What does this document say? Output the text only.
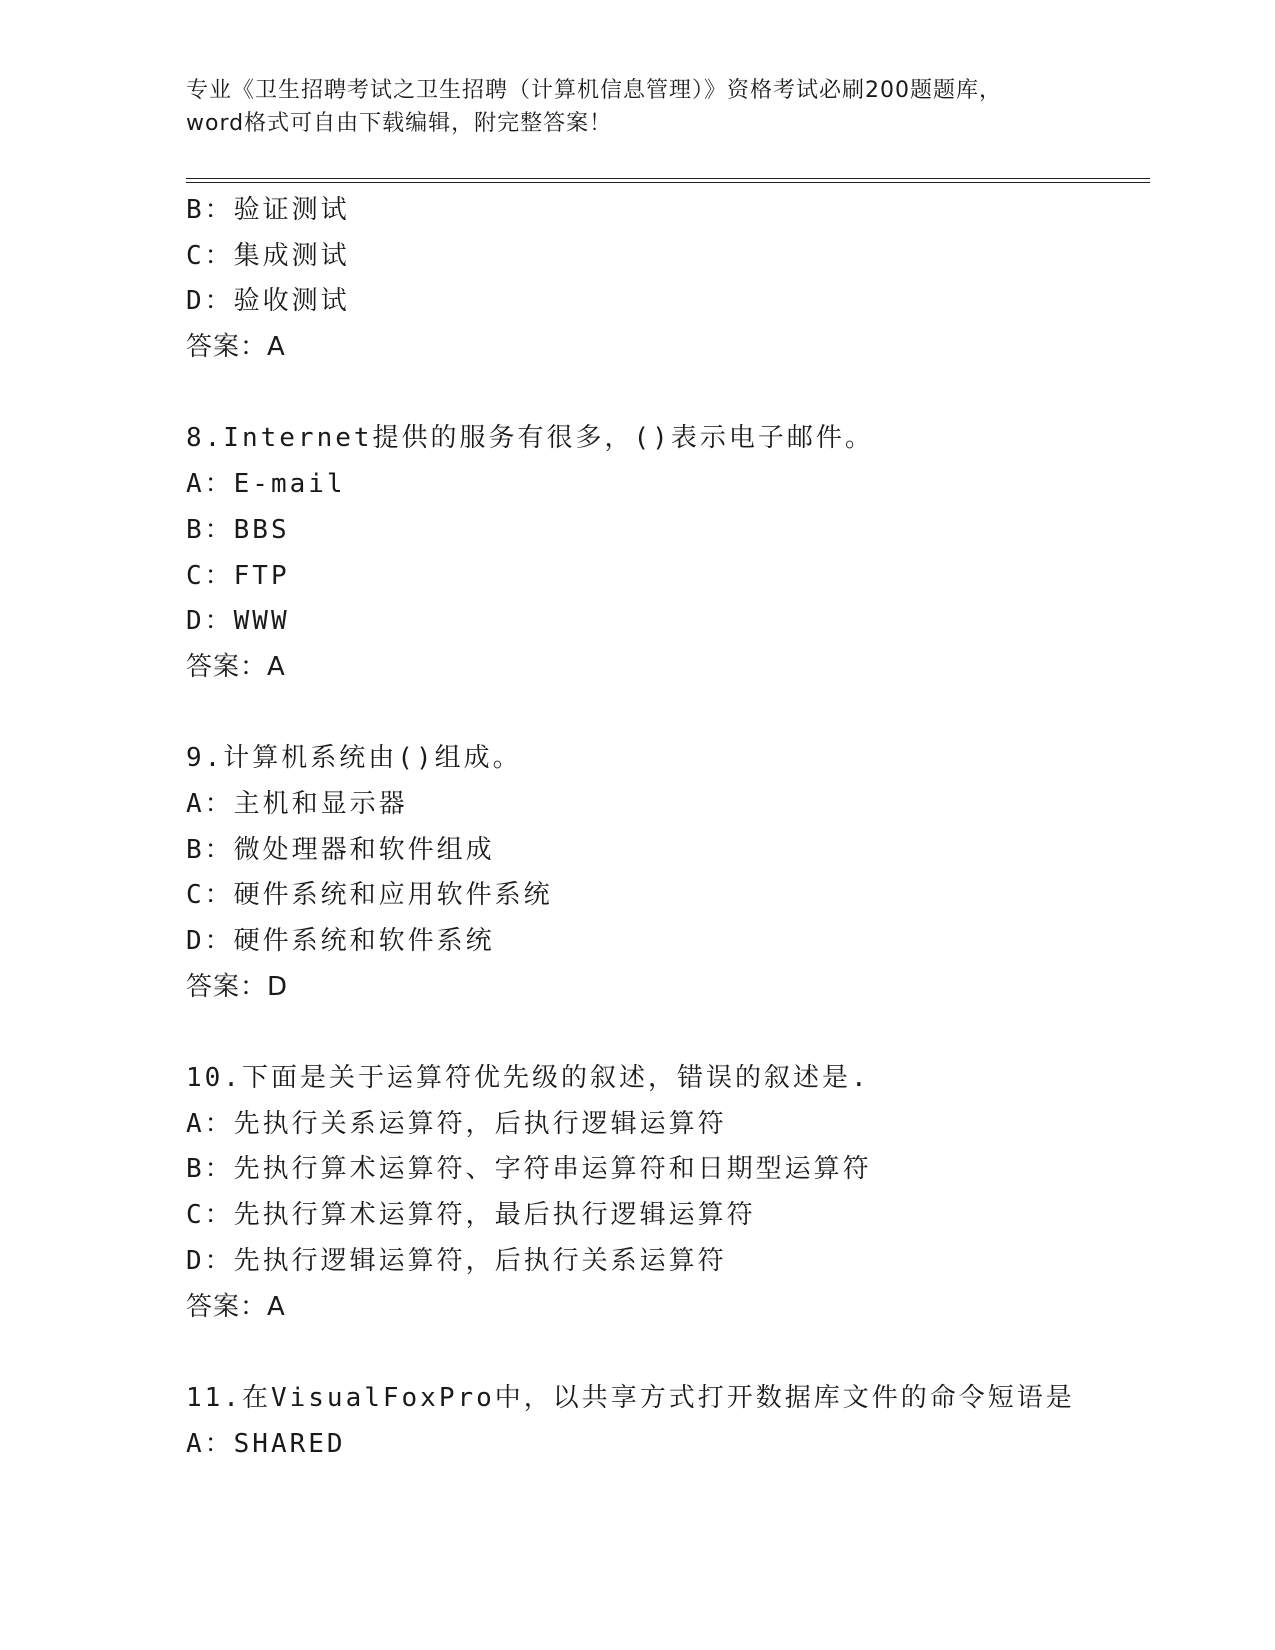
专业《卫生招聘考试之卫生招聘（计算机信息管理）》资格考试必刷200题题库，
word格式可自由下载编辑，附完整答案！
B：验证测试
C：集成测试
D：验收测试
答案：A
8.Internet提供的服务有很多，()表示电子邮件。
A：E-mail
B：BBS
C：FTP
D：WWW
答案：A
9.计算机系统由()组成。
A：主机和显示器
B：微处理器和软件组成
C：硬件系统和应用软件系统
D：硬件系统和软件系统
答案：D
10.下面是关于运算符优先级的叙述，错误的叙述是.
A：先执行关系运算符，后执行逻辑运算符
B：先执行算术运算符、字符串运算符和日期型运算符
C：先执行算术运算符，最后执行逻辑运算符
D：先执行逻辑运算符，后执行关系运算符
答案：A
11.在VisualFoxPro中，以共享方式打开数据库文件的命令短语是
A：SHARED
